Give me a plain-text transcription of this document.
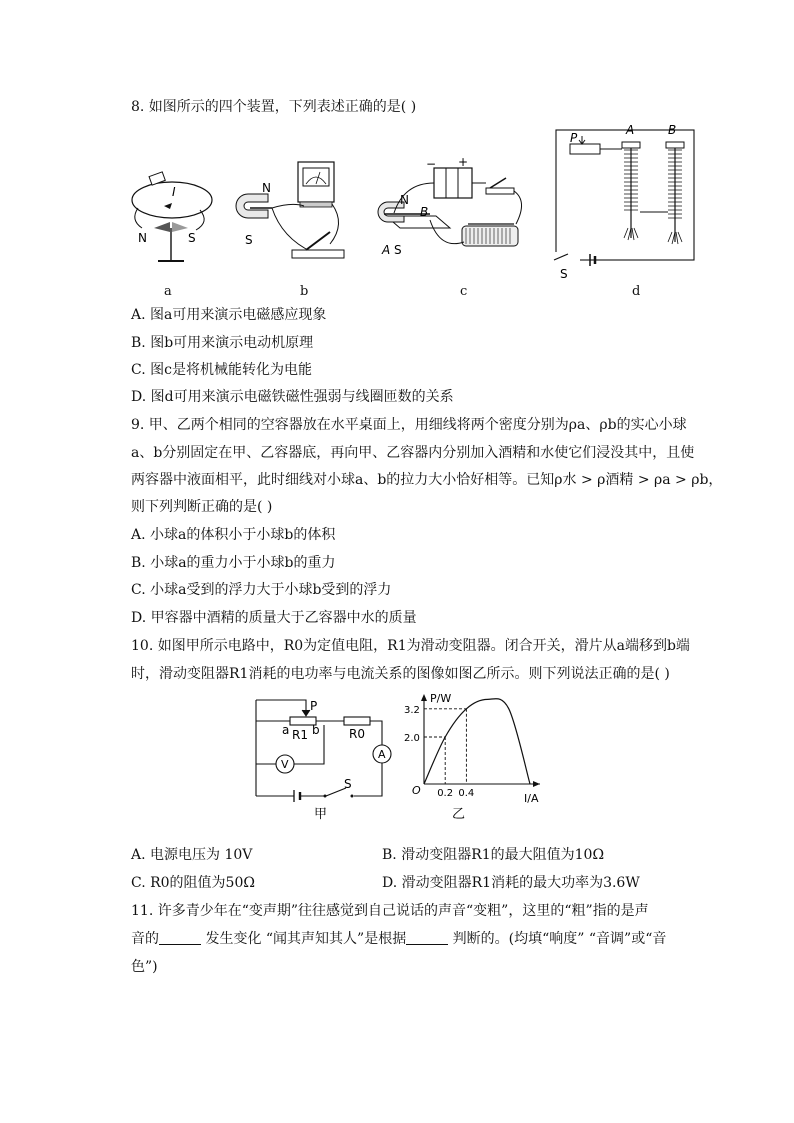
8. 如图所示的四个装置，下列表述正确的是( )
I
N	S
N
S
− +
N
B
A S
P
A	B
S
a	b	c	d
A. 图a可用来演示电磁感应现象
B. 图b可用来演示电动机原理
C. 图c是将机械能转化为电能
D. 图d可用来演示电磁铁磁性强弱与线圈匝数的关系
9. 甲、乙两个相同的空容器放在水平桌面上，用细线将两个密度分别为ρa、ρb的实心小球
a、b分别固定在甲、乙容器底，再向甲、乙容器内分别加入酒精和水使它们浸没其中，且使
两容器中液面相平，此时细线对小球a、b的拉力大小恰好相等。已知ρ水 > ρ酒精 > ρa > ρb，
则下列判断正确的是( )
A. 小球a的体积小于小球b的体积
B. 小球a的重力小于小球b的重力
C. 小球a受到的浮力大于小球b受到的浮力
D. 甲容器中酒精的质量大于乙容器中水的质量
10. 如图甲所示电路中，R0为定值电阻，R1为滑动变阻器。闭合开关，滑片从a端移到b端
时，滑动变阻器R1消耗的电功率与电流关系的图像如图乙所示。则下列说法正确的是( )
P
A
a R1 b R0
V
S
甲
P/W
I/A
O 0.2 0.4
2.0
3.2
乙
A. 电源电压为 10V	B. 滑动变阻器R1的最大阻值为10Ω
C. R0的阻值为50Ω	D. 滑动变阻器R1消耗的最大功率为3.6W
11. 许多青少年在“变声期”往往感觉到自己说话的声音“变粗”，这里的“粗”指的是声
音的	发生变化 “闻其声知其人”是根据	判断的。(均填“响度” “音调”或“音
色”)
